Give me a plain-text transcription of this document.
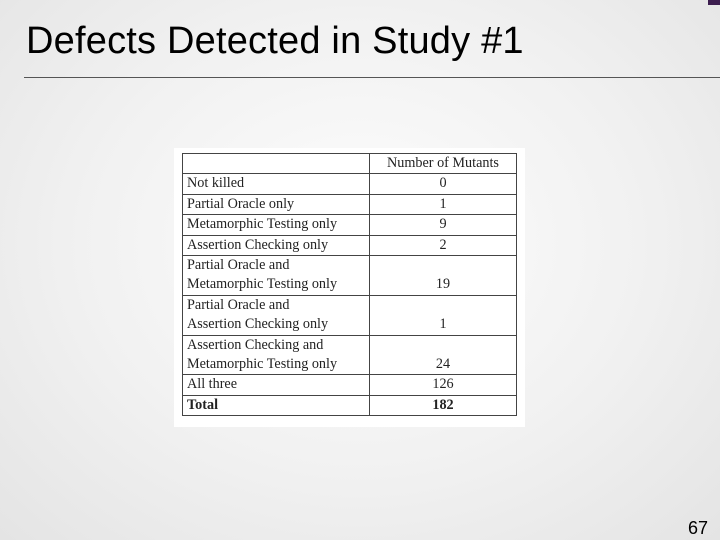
Defects Detected in Study #1
	Number of Mutants

Not killed	0

Partial Oracle only	1

Metamorphic Testing only	9

Assertion Checking only	2

Partial Oracle and
Metamorphic Testing only	19

Partial Oracle and
Assertion Checking only	1

Assertion Checking and
Metamorphic Testing only	24

All three	126
Total	182
67
